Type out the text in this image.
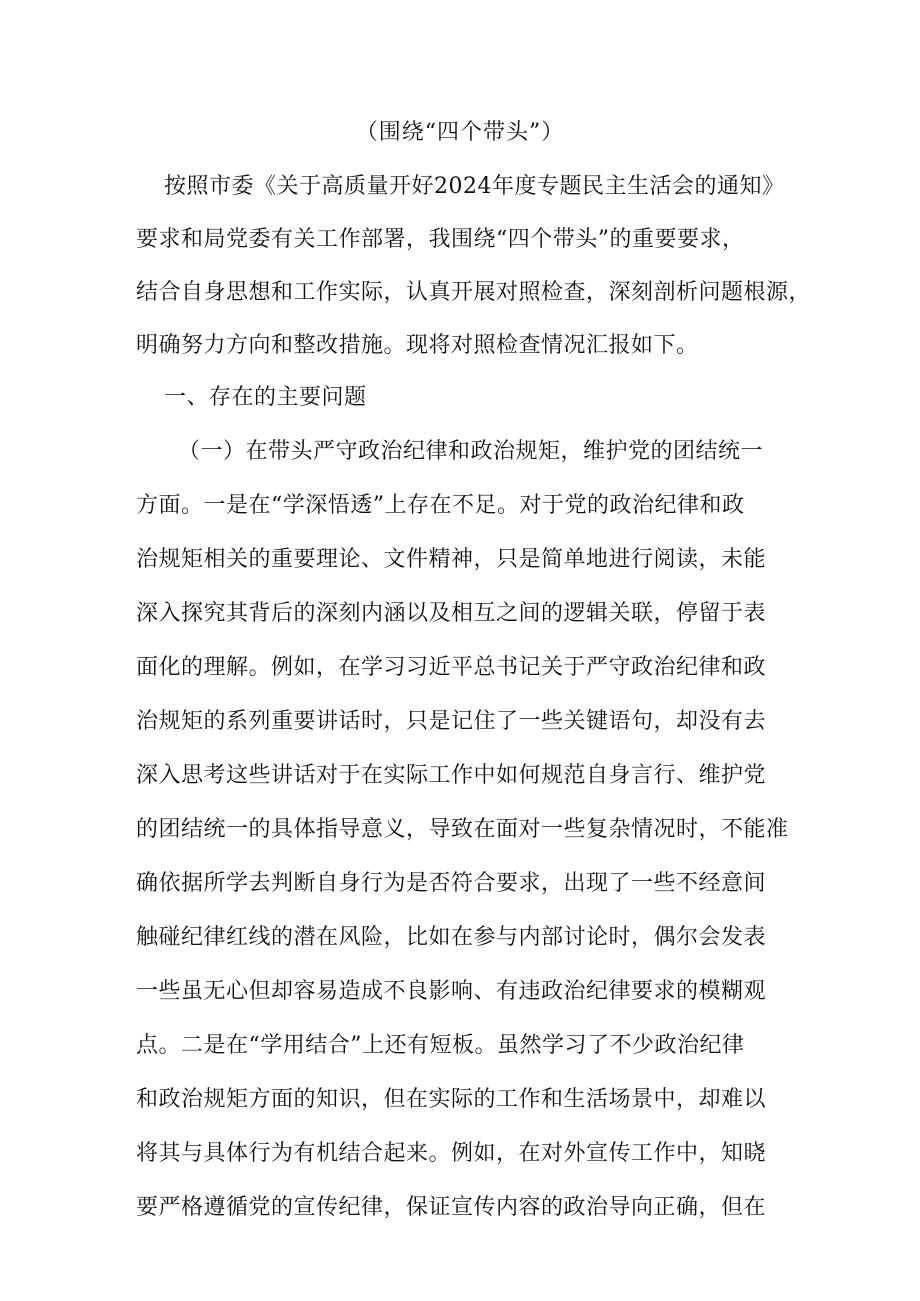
（围绕“四个带头”）
按照市委《关于高质量开好2024年度专题民主生活会的通知》
要求和局党委有关工作部署，我围绕“四个带头”的重要要求，
结合自身思想和工作实际，认真开展对照检查，深刻剖析问题根源，
明确努力方向和整改措施。现将对照检查情况汇报如下。
一、存在的主要问题
（一）在带头严守政治纪律和政治规矩，维护党的团结统一
方面。一是在“学深悟透”上存在不足。对于党的政治纪律和政
治规矩相关的重要理论、文件精神，只是简单地进行阅读，未能
深入探究其背后的深刻内涵以及相互之间的逻辑关联，停留于表
面化的理解。例如，在学习习近平总书记关于严守政治纪律和政
治规矩的系列重要讲话时，只是记住了一些关键语句，却没有去
深入思考这些讲话对于在实际工作中如何规范自身言行、维护党
的团结统一的具体指导意义，导致在面对一些复杂情况时，不能准
确依据所学去判断自身行为是否符合要求，出现了一些不经意间
触碰纪律红线的潜在风险，比如在参与内部讨论时，偶尔会发表
一些虽无心但却容易造成不良影响、有违政治纪律要求的模糊观
点。二是在“学用结合”上还有短板。虽然学习了不少政治纪律
和政治规矩方面的知识，但在实际的工作和生活场景中，却难以
将其与具体行为有机结合起来。例如，在对外宣传工作中，知晓
要严格遵循党的宣传纪律，保证宣传内容的政治导向正确，但在
